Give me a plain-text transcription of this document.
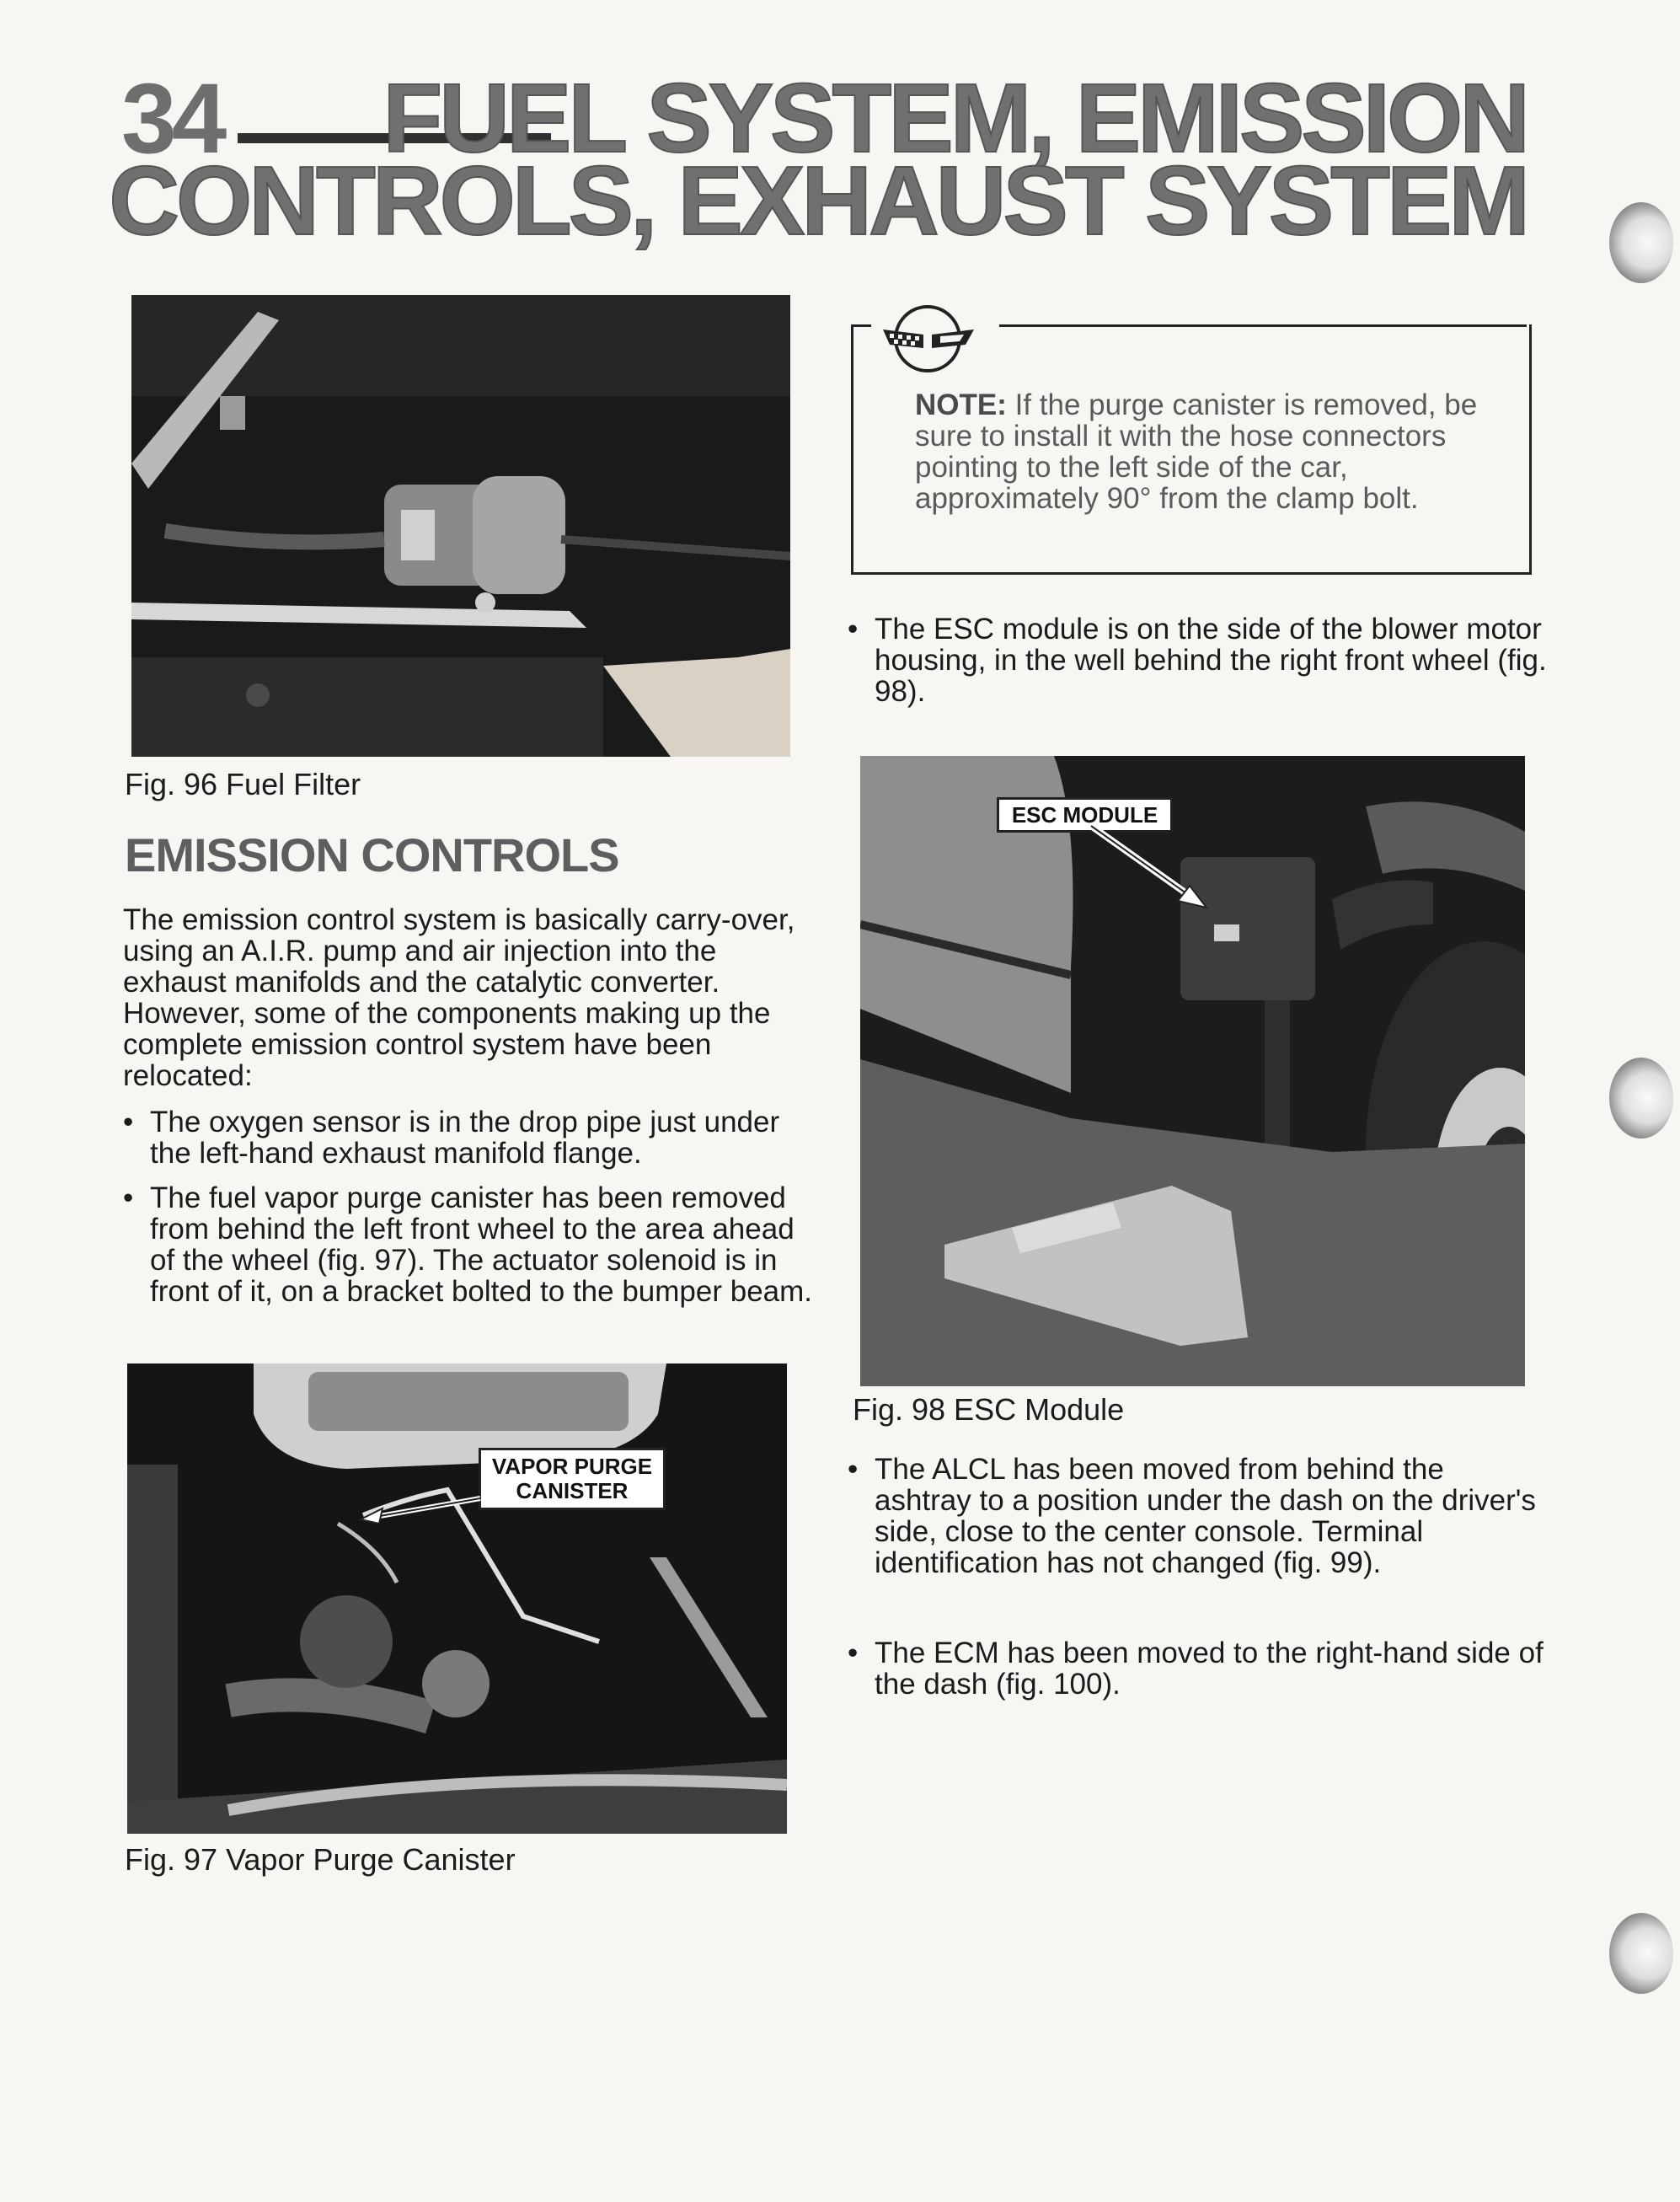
34 FUEL SYSTEM, EMISSION
CONTROLS, EXHAUST SYSTEM
Fig. 96 Fuel Filter
EMISSION CONTROLS
The emission control system is basically carry-over, using an A.I.R. pump and air injection into the exhaust manifolds and the catalytic converter. However, some of the components making up the complete emission control system have been relocated:
• The oxygen sensor is in the drop pipe just under the left-hand exhaust manifold flange.
• The fuel vapor purge canister has been removed from behind the left front wheel to the area ahead of the wheel (fig. 97). The actuator solenoid is in front of it, on a bracket bolted to the bumper beam.
VAPOR PURGE
CANISTER
Fig. 97 Vapor Purge Canister
NOTE: If the purge canister is removed, be sure to install it with the hose connectors pointing to the left side of the car, approximately 90° from the clamp bolt.
• The ESC module is on the side of the blower motor housing, in the well behind the right front wheel (fig. 98).
ESC MODULE
Fig. 98 ESC Module
• The ALCL has been moved from behind the ashtray to a position under the dash on the driver's side, close to the center console. Terminal identification has not changed (fig. 99).
• The ECM has been moved to the right-hand side of the dash (fig. 100).
